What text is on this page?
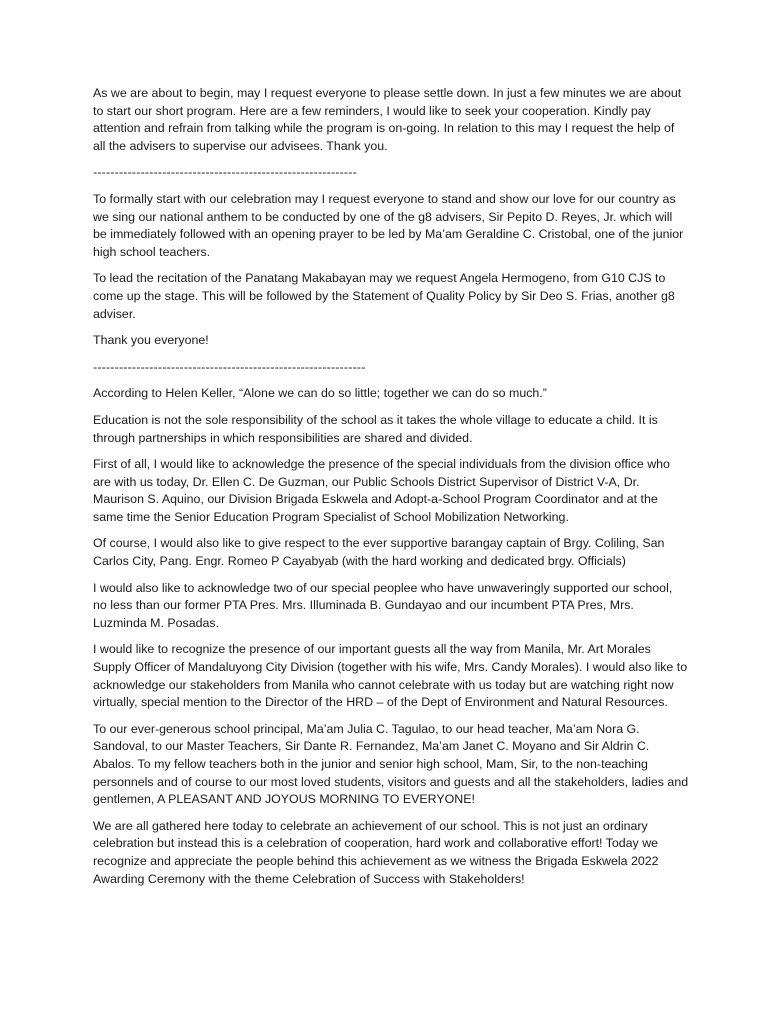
As we are about to begin, may I request everyone to please settle down. In just a few minutes we are about to start our short program. Here are a few reminders, I would like to seek your cooperation. Kindly pay attention and refrain from talking while the program is on-going. In relation to this may I request the help of all the advisers to supervise our advisees. Thank you.

-------------------------------------------------------------

To formally start with our celebration may I request everyone to stand and show our love for our country as we sing our national anthem to be conducted by one of the g8 advisers, Sir Pepito D. Reyes, Jr. which will be immediately followed with an opening prayer to be led by Ma’am Geraldine C. Cristobal, one of the junior high school teachers.

To lead the recitation of the Panatang Makabayan may we request Angela Hermogeno, from G10 CJS to come up the stage. This will be followed by the Statement of Quality Policy by Sir Deo S. Frias, another g8 adviser.

Thank you everyone!

---------------------------------------------------------------

According to Helen Keller, “Alone we can do so little; together we can do so much.”

Education is not the sole responsibility of the school as it takes the whole village to educate a child. It is through partnerships in which responsibilities are shared and divided.

First of all, I would like to acknowledge the presence of the special individuals from the division office who are with us today, Dr. Ellen C. De Guzman, our Public Schools District Supervisor of District V-A, Dr. Maurison S. Aquino, our Division Brigada Eskwela and Adopt-a-School Program Coordinator and at the same time the Senior Education Program Specialist of School Mobilization Networking.

Of course, I would also like to give respect to the ever supportive barangay captain of Brgy. Coliling, San Carlos City, Pang. Engr. Romeo P Cayabyab (with the hard working and dedicated brgy. Officials)

I would also like to acknowledge two of our special peoplee who have unwaveringly supported our school, no less than our former PTA Pres. Mrs. Illuminada B. Gundayao and our incumbent PTA Pres, Mrs. Luzminda M. Posadas.

I would like to recognize the presence of our important guests all the way from Manila, Mr. Art Morales Supply Officer of Mandaluyong City Division (together with his wife, Mrs. Candy Morales). I would also like to acknowledge our stakeholders from Manila who cannot celebrate with us today but are watching right now virtually, special mention to the Director of the HRD – of the Dept of Environment and Natural Resources.

To our ever-generous school principal, Ma’am Julia C. Tagulao, to our head teacher, Ma’am Nora G. Sandoval, to our Master Teachers, Sir Dante R. Fernandez, Ma’am Janet C. Moyano and Sir Aldrin C. Abalos. To my fellow teachers both in the junior and senior high school, Mam, Sir, to the non-teaching personnels and of course to our most loved students, visitors and guests and all the stakeholders, ladies and gentlemen, A PLEASANT AND JOYOUS MORNING TO EVERYONE!

We are all gathered here today to celebrate an achievement of our school. This is not just an ordinary celebration but instead this is a celebration of cooperation, hard work and collaborative effort! Today we recognize and appreciate the people behind this achievement as we witness the Brigada Eskwela 2022 Awarding Ceremony with the theme Celebration of Success with Stakeholders!
